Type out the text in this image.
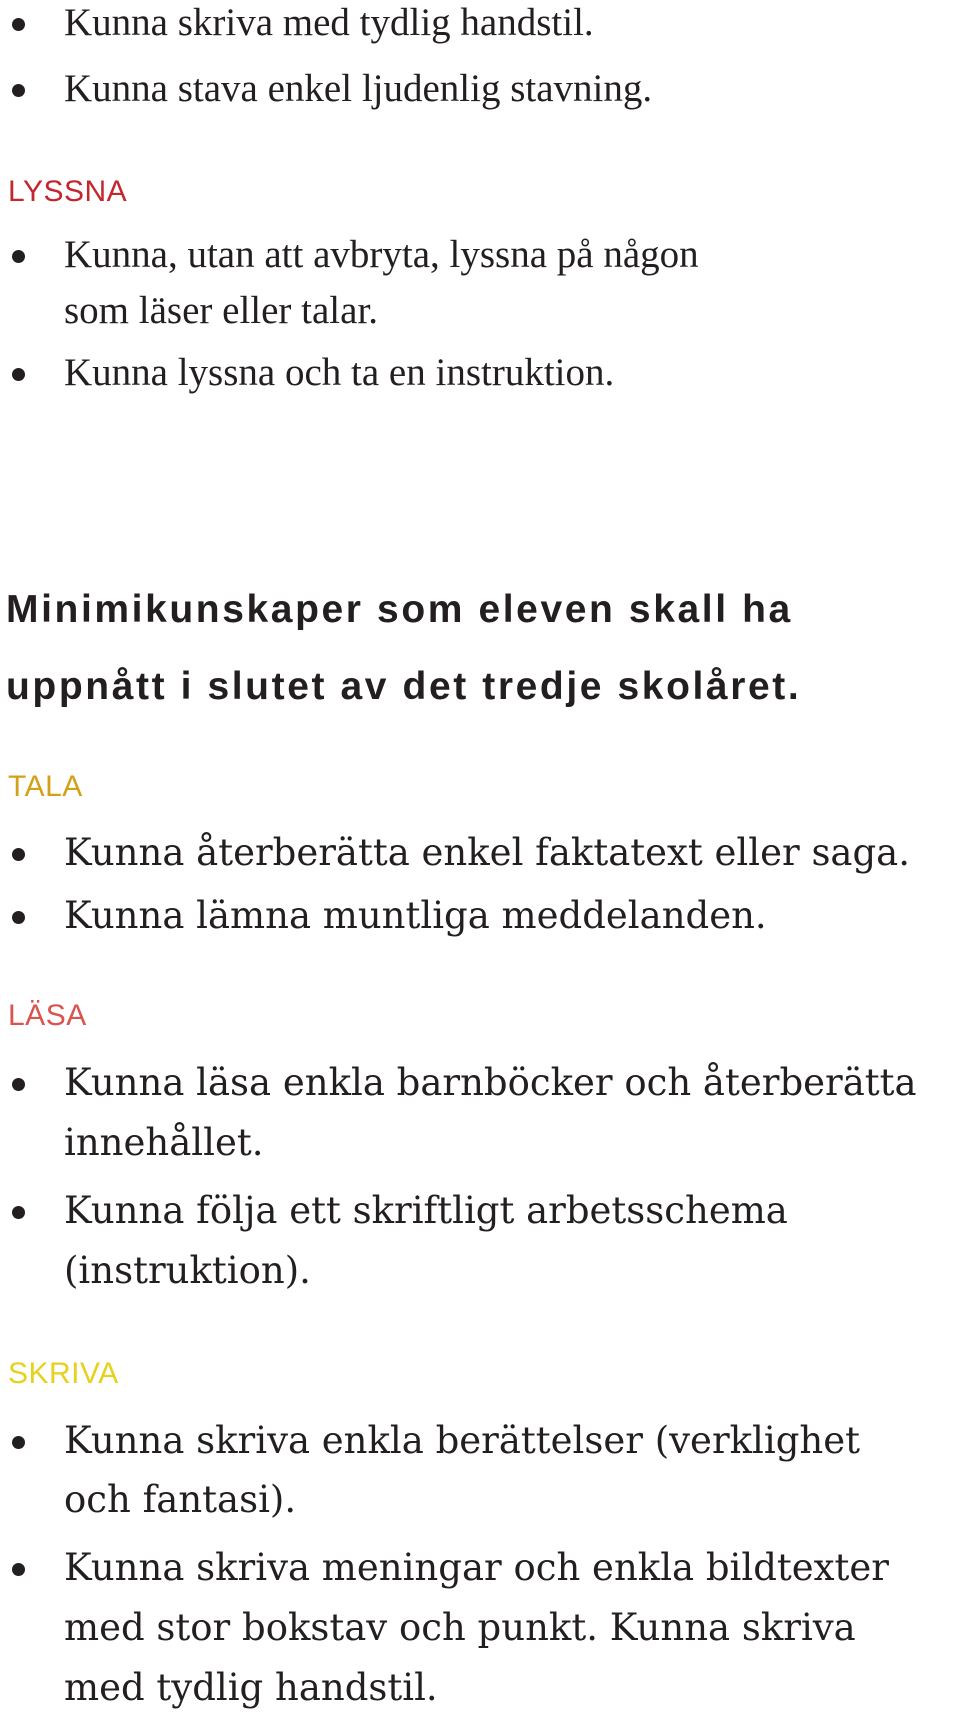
Kunna skriva med tydlig handstil.
Kunna stava enkel ljudenlig stavning.
LYSSNA
Kunna, utan att avbryta, lyssna på någon
som läser eller talar.
Kunna lyssna och ta en instruktion.
Minimikunskaper som eleven skall ha
uppnått i slutet av det tredje skolåret.
TALA
Kunna återberätta enkel faktatext eller saga.
Kunna lämna muntliga meddelanden.
LÄSA
Kunna läsa enkla barnböcker och återberätta
innehållet.
Kunna följa ett skriftligt arbetsschema
(instruktion).
SKRIVA
Kunna skriva enkla berättelser (verklighet
och fantasi).
Kunna skriva meningar och enkla bildtexter
med stor bokstav och punkt. Kunna skriva
med tydlig handstil.
